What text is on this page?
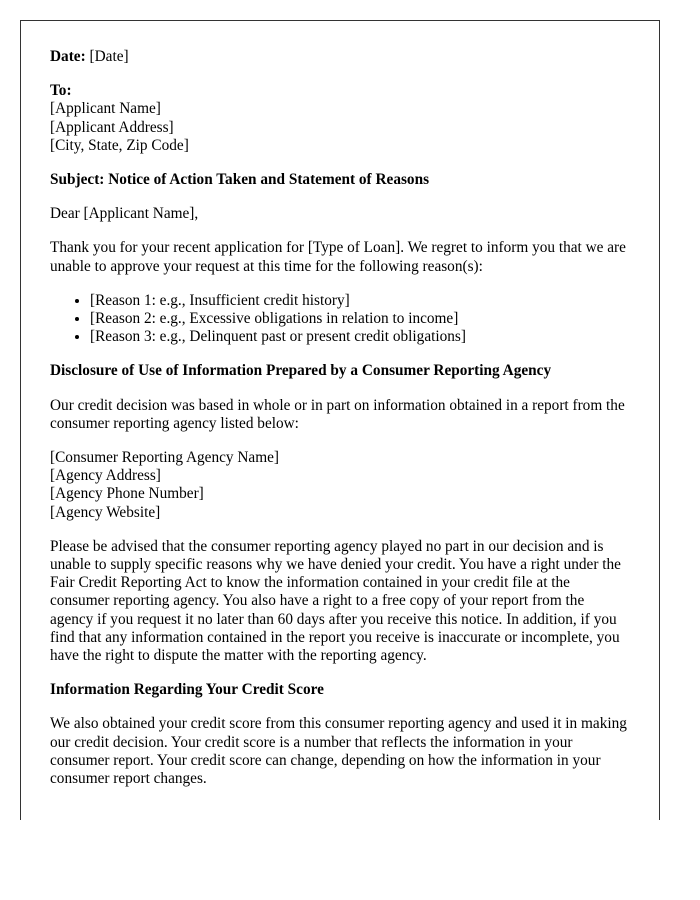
Date: [Date]

To:
[Applicant Name]
[Applicant Address]
[City, State, Zip Code]

Subject: Notice of Action Taken and Statement of Reasons

Dear [Applicant Name],

Thank you for your recent application for [Type of Loan]. We regret to inform you that we are unable to approve your request at this time for the following reason(s):

• [Reason 1: e.g., Insufficient credit history]
• [Reason 2: e.g., Excessive obligations in relation to income]
• [Reason 3: e.g., Delinquent past or present credit obligations]

Disclosure of Use of Information Prepared by a Consumer Reporting Agency

Our credit decision was based in whole or in part on information obtained in a report from the consumer reporting agency listed below:

[Consumer Reporting Agency Name]
[Agency Address]
[Agency Phone Number]
[Agency Website]

Please be advised that the consumer reporting agency played no part in our decision and is unable to supply specific reasons why we have denied your credit. You have a right under the Fair Credit Reporting Act to know the information contained in your credit file at the consumer reporting agency. You also have a right to a free copy of your report from the agency if you request it no later than 60 days after you receive this notice. In addition, if you find that any information contained in the report you receive is inaccurate or incomplete, you have the right to dispute the matter with the reporting agency.

Information Regarding Your Credit Score

We also obtained your credit score from this consumer reporting agency and used it in making our credit decision. Your credit score is a number that reflects the information in your consumer report. Your credit score can change, depending on how the information in your consumer report changes.
